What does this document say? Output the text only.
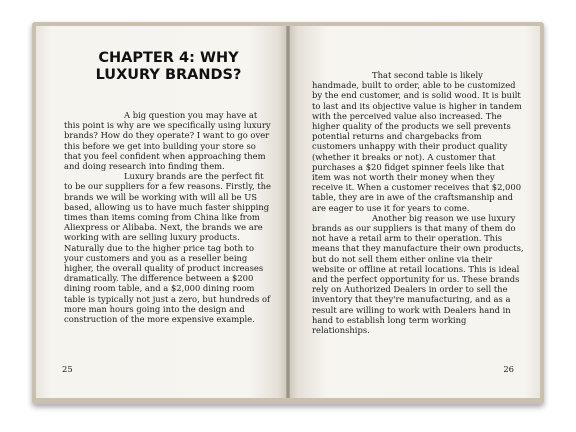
CHAPTER 4: WHY LUXURY BRANDS?

A big question you may have at this point is why are we specifically using luxury brands? How do they operate? I want to go over this before we get into building your store so that you feel confident when approaching them and doing research into finding them.

Luxury brands are the perfect fit to be our suppliers for a few reasons. Firstly, the brands we will be working with will all be US based, allowing us to have much faster shipping times than items coming from China like from Aliexpress or Alibaba. Next, the brands we are working with are selling luxury products. Naturally due to the higher price tag both to your customers and you as a reseller being higher, the overall quality of product increases dramatically. The difference between a $200 dining room table, and a $2,000 dining room table is typically not just a zero, but hundreds of more man hours going into the design and construction of the more expensive example.

25

That second table is likely handmade, built to order, able to be customized by the end customer, and is solid wood. It is built to last and its objective value is higher in tandem with the perceived value also increased. The higher quality of the products we sell prevents potential returns and chargebacks from customers unhappy with their product quality (whether it breaks or not). A customer that purchases a $20 fidget spinner feels like that item was not worth their money when they receive it. When a customer receives that $2,000 table, they are in awe of the craftsmanship and are eager to use it for years to come.

Another big reason we use luxury brands as our suppliers is that many of them do not have a retail arm to their operation. This means that they manufacture their own products, but do not sell them either online via their website or offline at retail locations. This is ideal and the perfect opportunity for us. These brands rely on Authorized Dealers in order to sell the inventory that they're manufacturing, and as a result are willing to work with Dealers hand in hand to establish long term working relationships.

26
